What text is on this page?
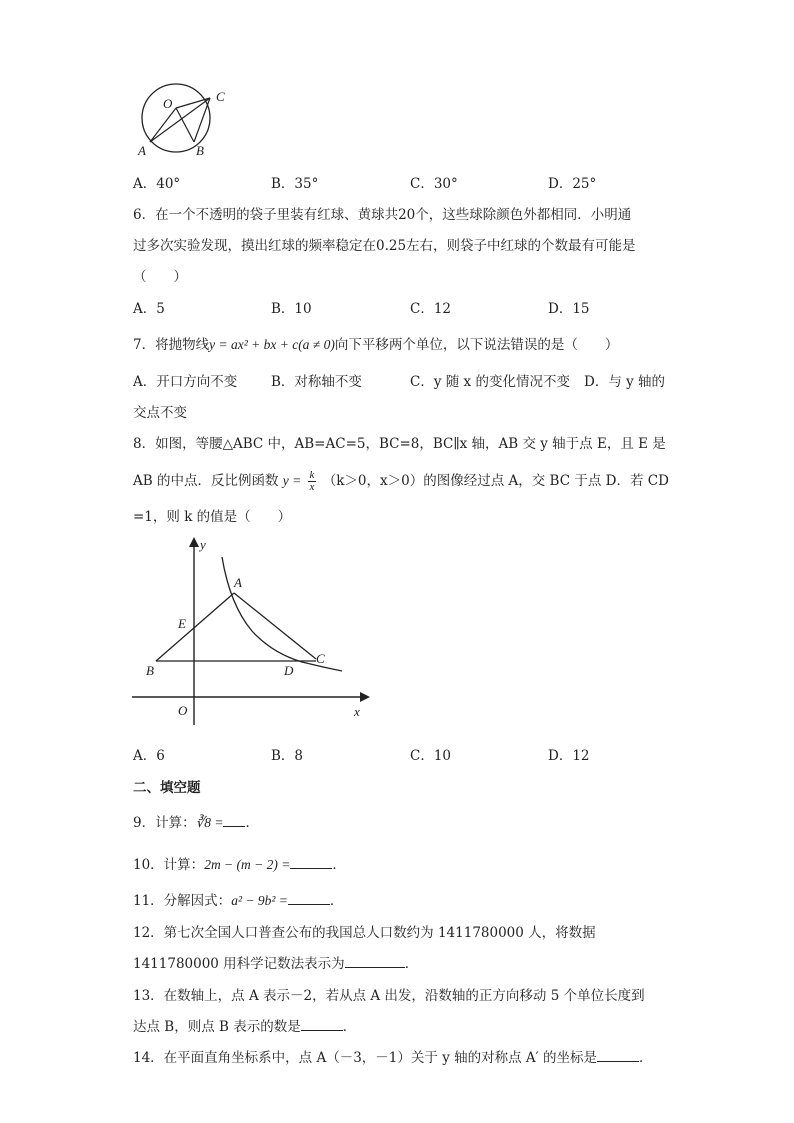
O	C
A	B
A．40°	B．35°	C．30°	D．25°
6．在一个不透明的袋子里装有红球、黄球共20个，这些球除颜色外都相同．小明通
过多次实验发现，摸出红球的频率稳定在0.25左右，则袋子中红球的个数最有可能是
（　　）
A．5	B．10	C．12	D．15
7．将抛物线y = ax² + bx + c(a ≠ 0)向下平移两个单位，以下说法错误的是（　　）
A．开口方向不变	B．对称轴不变	C．y 随 x 的变化情况不变 D．与 y 轴的
交点不变
8．如图，等腰△ABC 中，AB=AC=5，BC=8，BC∥x 轴，AB 交 y 轴于点 E，且 E 是
AB 的中点．反比例函数 $y = \frac{k}{x} (k>0$，x＞0）的图像经过点 A，交 BC 于点 D．若 CD
=1，则 k 的值是（　　）
y
A
E
B	D
C
O	x
A．6	B．8	C．10	D．12
二、填空题
9．计算：∛8 = ．
10．计算：2m − (m − 2) =	．
11．分解因式：a² − 9b² =	．
12．第七次全国人口普查公布的我国总人口数约为 1411780000 人，将数据
1411780000 用科学记数法表示为	．
13．在数轴上，点 A 表示－2，若从点 A 出发，沿数轴的正方向移动 5 个单位长度到
达点 B，则点 B 表示的数是	．
14．在平面直角坐标系中，点 A（－3，－1）关于 y 轴的对称点 A′ 的坐标是	．
